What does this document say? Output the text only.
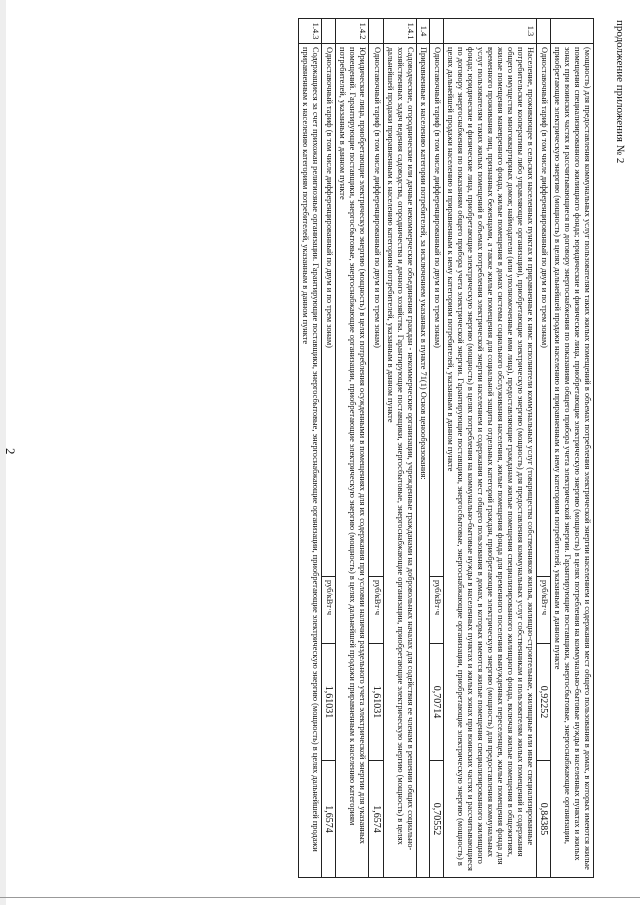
2
продолжение приложения № 2
	(мощность) для предоставления коммунальных услуг пользователям таких жилых помещений в объемах потребления электрической энергии населением и содержания мест общего пользования в домах, в которых имеются жилые помещения специализированного жилищного фонда; юридические и физические лица, приобретающие электрическую энергию (мощность) в целях потребления на коммунально-бытовые нужды в населенных пунктах и жилых зонах при воинских частях и рассчитывающиеся по договору энергоснабжения по показаниям общего прибора учета электрической энергии. Гарантирующие поставщики, энергосбытовые, энергоснабжающие организации, приобретающие электрическую энергию (мощность) в целях дальнейшей продажи населению и приравненным к нему категориям потребителей, указанным в данном пункте			
	Одноставочный тариф (в том числе дифференцированный по двум и по трем зонам)	руб/кВт·ч	0,92252	0,84385
1.3	Население, проживающее в сельских населенных пунктах и приравненные к ним: исполнители коммунальных услуг (товарищества собственников жилья, жилищно-строительные, жилищные или иные специализированные потребительские кооперативы либо управляющие организации), приобретающие электрическую энергию (мощность) для предоставления коммунальных услуг собственникам и пользователям жилых помещений и содержания общего имущества многоквартирных домов; наймодатели (или уполномоченные ими лица), предоставляющие гражданам жилые помещения специализированного жилищного фонда, включая жилые помещения в общежитиях, жилые помещения маневренного фонда, жилые помещения в домах системы социального обслуживания населения, жилые помещения фонда для временного поселения вынужденных переселенцев, жилые помещения фонда для временного проживания лиц, признанных беженцами, а также жилые помещения для социальной защиты отдельных категорий граждан, приобретающие электрическую энергию (мощность) для предоставления коммунальных услуг пользователям таких жилых помещений в объемах потребления электрической энергии населением и содержания мест общего пользования в домах, в которых имеются жилые помещения специализированного жилищного фонда; юридические и физические лица, приобретающие электрическую энергию (мощность) в целях потребления на коммунально-бытовые нужды в населенных пунктах и жилых зонах при воинских частях и рассчитывающиеся по договору энергоснабжения по показаниям общего прибора учета электрической энергии. Гарантирующие поставщики, энергосбытовые, энергоснабжающие организации, приобретающие электрическую энергию (мощность) в целях дальнейшей продажи населению и приравненным к нему категориям потребителей, указанным в данном пункте			
	Одноставочный тариф (в том числе дифференцированный по двум и по трем зонам)	руб/кВт·ч	0,70714	0,70552
1.4	Приравненные к населению категории потребителей, за исключением указанных в пункте 71(1) Основ ценообразования:			
1.4.1	Садоводческие, огороднические или дачные некоммерческие объединения граждан - некоммерческие организации, учрежденные гражданами на добровольных началах для содействия ее членам в решении общих социально-хозяйственных задач ведения садоводства, огородничества и дачного хозяйства. Гарантирующие поставщики, энергосбытовые, энергоснабжающие организации, приобретающие электрическую энергию (мощность) в целях дальнейшей продажи приравненным к населению категориям потребителей, указанным в данном пункте			
	Одноставочный тариф (в том числе дифференцированный по двум и по трем зонам)	руб/кВт·ч	1,61031	1,6574
1.4.2	Юридические лица, приобретающие электрическую энергию (мощность) в целях потребления осужденными в помещениях для их содержания при условии наличия раздельного учета электрической энергии для указанных помещений. Гарантирующие поставщики, энергосбытовые, энергоснабжающие организации, приобретающие электрическую энергию (мощность) в целях дальнейшей продажи приравненным к населению категориям потребителей, указанным в данном пункте			
	Одноставочный тариф (в том числе дифференцированный по двум и по трем зонам)	руб/кВт·ч	1,61031	1,6574
1.4.3	Содержащиеся за счет прихожан религиозные организации. Гарантирующие поставщики, энергосбытовые, энергоснабжающие организации, приобретающие электрическую энергию (мощность) в целях дальнейшей продажи приравненным к населению категориям потребителей, указанным в данном пункте			
